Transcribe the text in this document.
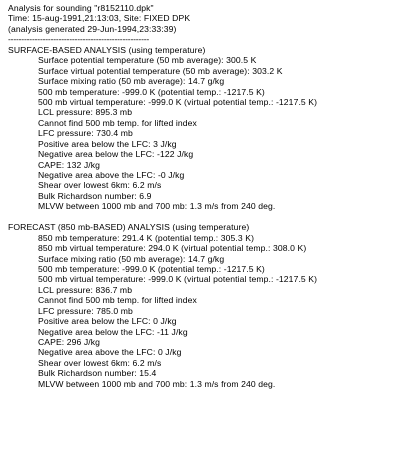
Analysis for sounding "r8152110.dpk"
Time: 15-aug-1991,21:13:03, Site: FIXED DPK
(analysis generated 29-Jun-1994,23:33:39)
-----------------------------------------------------
SURFACE-BASED ANALYSIS (using temperature)
Surface potential temperature (50 mb average): 300.5 K
Surface virtual potential temperature (50 mb average): 303.2 K
Surface mixing ratio (50 mb average): 14.7 g/kg
500 mb temperature: -999.0 K (potential temp.: -1217.5 K)
500 mb virtual temperature: -999.0 K (virtual potential temp.: -1217.5 K)
LCL pressure: 895.3 mb
Cannot find 500 mb temp. for lifted index
LFC pressure: 730.4 mb
Positive area below the LFC: 3 J/kg
Negative area below the LFC: -122 J/kg
CAPE: 132 J/kg
Negative area above the LFC: -0 J/kg
Shear over lowest 6km: 6.2 m/s
Bulk Richardson number: 6.9
MLVW between 1000 mb and 700 mb: 1.3 m/s from 240 deg.
FORECAST (850 mb-BASED) ANALYSIS (using temperature)
850 mb temperature: 291.4 K (potential temp.: 305.3 K)
850 mb virtual temperature: 294.0 K (virtual potential temp.: 308.0 K)
Surface mixing ratio (50 mb average): 14.7 g/kg
500 mb temperature: -999.0 K (potential temp.: -1217.5 K)
500 mb virtual temperature: -999.0 K (virtual potential temp.: -1217.5 K)
LCL pressure: 836.7 mb
Cannot find 500 mb temp. for lifted index
LFC pressure: 785.0 mb
Positive area below the LFC: 0 J/kg
Negative area below the LFC: -11 J/kg
CAPE: 296 J/kg
Negative area above the LFC: 0 J/kg
Shear over lowest 6km: 6.2 m/s
Bulk Richardson number: 15.4
MLVW between 1000 mb and 700 mb: 1.3 m/s from 240 deg.
